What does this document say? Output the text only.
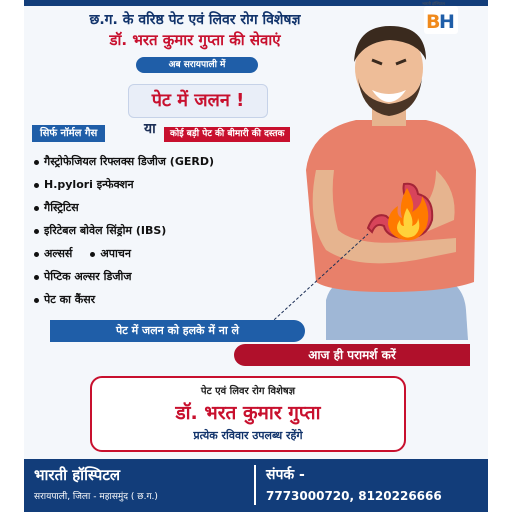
छ.ग. के वरिष्ठ पेट एवं लिवर रोग विशेषज्ञ
डॉ. भरत कुमार गुप्ता की सेवाएं
अब सरायपाली में
पेट में जलन !
भारती हॉस्पिटल
B
H
सिर्फ नॉर्मल गैस	या	कोई बड़ी पेट की बीमारी की दस्तक
गैस्ट्रोफेजियल रिफ्लक्स डिजीज (GERD)
H.pylori इन्फेक्शन
गैस्ट्रिटिस
इरिटेबल बोवेल सिंड्रोम (IBS)
अल्सर्स	अपाचन
पेप्टिक अल्सर डिजीज
पेट का कैंसर
पेट में जलन को हलके में ना ले
आज ही परामर्श करें
पेट एवं लिवर रोग विशेषज्ञ
डॉ. भरत कुमार गुप्ता
प्रत्येक रविवार उपलब्ध रहेंगे
भारती हॉस्पिटल
सरायपाली, जिला - महासमुंद ( छ.ग.)
संपर्क -
7773000720, 8120226666
